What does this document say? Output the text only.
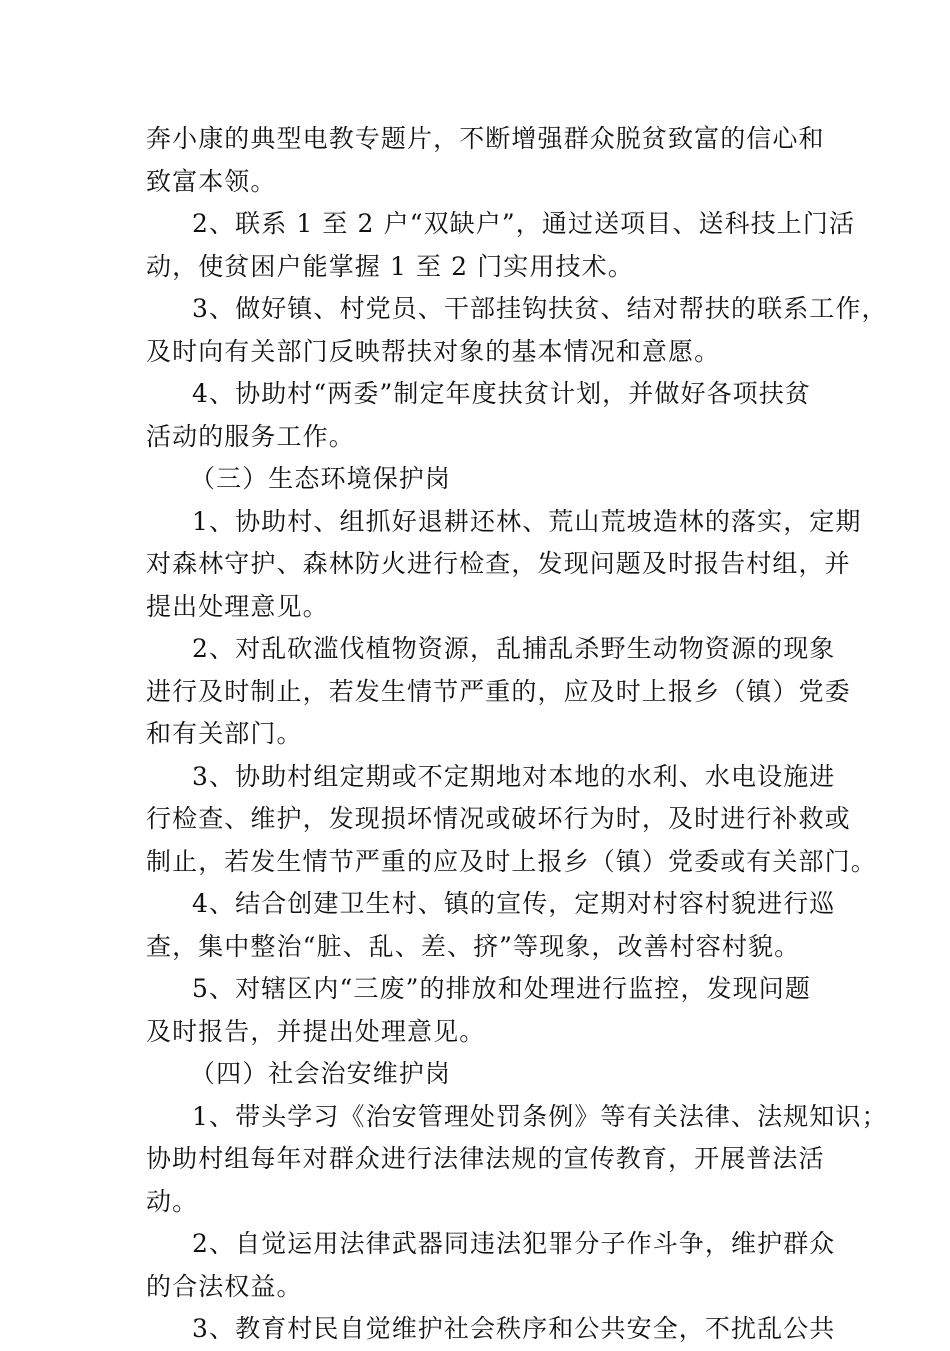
奔小康的典型电教专题片，不断增强群众脱贫致富的信心和
致富本领。
2、联系 1 至 2 户“双缺户”，通过送项目、送科技上门活
动，使贫困户能掌握 1 至 2 门实用技术。
3、做好镇、村党员、干部挂钩扶贫、结对帮扶的联系工作，
及时向有关部门反映帮扶对象的基本情况和意愿。
4、协助村“两委”制定年度扶贫计划，并做好各项扶贫
活动的服务工作。
（三）生态环境保护岗
1、协助村、组抓好退耕还林、荒山荒坡造林的落实，定期
对森林守护、森林防火进行检查，发现问题及时报告村组，并
提出处理意见。
2、对乱砍滥伐植物资源，乱捕乱杀野生动物资源的现象
进行及时制止，若发生情节严重的，应及时上报乡（镇）党委
和有关部门。
3、协助村组定期或不定期地对本地的水利、水电设施进
行检查、维护，发现损坏情况或破坏行为时，及时进行补救或
制止，若发生情节严重的应及时上报乡（镇）党委或有关部门。
4、结合创建卫生村、镇的宣传，定期对村容村貌进行巡
查，集中整治“脏、乱、差、挤”等现象，改善村容村貌。
5、对辖区内“三废”的排放和处理进行监控，发现问题
及时报告，并提出处理意见。
（四）社会治安维护岗
1、带头学习《治安管理处罚条例》等有关法律、法规知识；
协助村组每年对群众进行法律法规的宣传教育，开展普法活
动。
2、自觉运用法律武器同违法犯罪分子作斗争，维护群众
的合法权益。
3、教育村民自觉维护社会秩序和公共安全，不扰乱公共
